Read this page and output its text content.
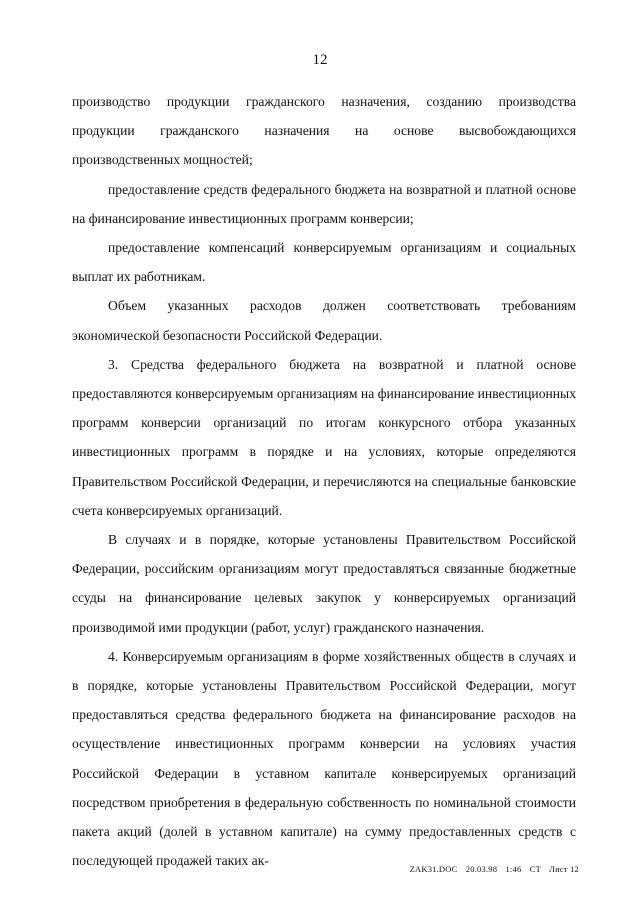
12

производство продукции гражданского назначения, созданию производства продукции гражданского назначения на основе высвобождающихся производственных мощностей;

предоставление средств федерального бюджета на возвратной и платной основе на финансирование инвестиционных программ конверсии;

предоставление компенсаций конверсируемым организациям и социальных выплат их работникам.

Объем указанных расходов должен соответствовать требованиям экономической безопасности Российской Федерации.

3. Средства федерального бюджета на возвратной и платной основе предоставляются конверсируемым организациям на финансирование инвестиционных программ конверсии организаций по итогам конкурсного отбора указанных инвестиционных программ в порядке и на условиях, которые определяются Правительством Российской Федерации, и перечисляются на специальные банковские счета конверсируемых организаций.

В случаях и в порядке, которые установлены Правительством Российской Федерации, российским организациям могут предоставляться связанные бюджетные ссуды на финансирование целевых закупок у конверсируемых организаций производимой ими продукции (работ, услуг) гражданского назначения.

4. Конверсируемым организациям в форме хозяйственных обществ в случаях и в порядке, которые установлены Правительством Российской Федерации, могут предоставляться средства федерального бюджета на финансирование расходов на осуществление инвестиционных программ конверсии на условиях участия Российской Федерации в уставном капитале конверсируемых организаций посредством приобретения в федеральную собственность по номинальной стоимости пакета акций (долей в уставном капитале) на сумму предоставленных средств с последующей продажей таких ак-

ZAK31.DOC 20.03.98 1:46 CT Лист 12
